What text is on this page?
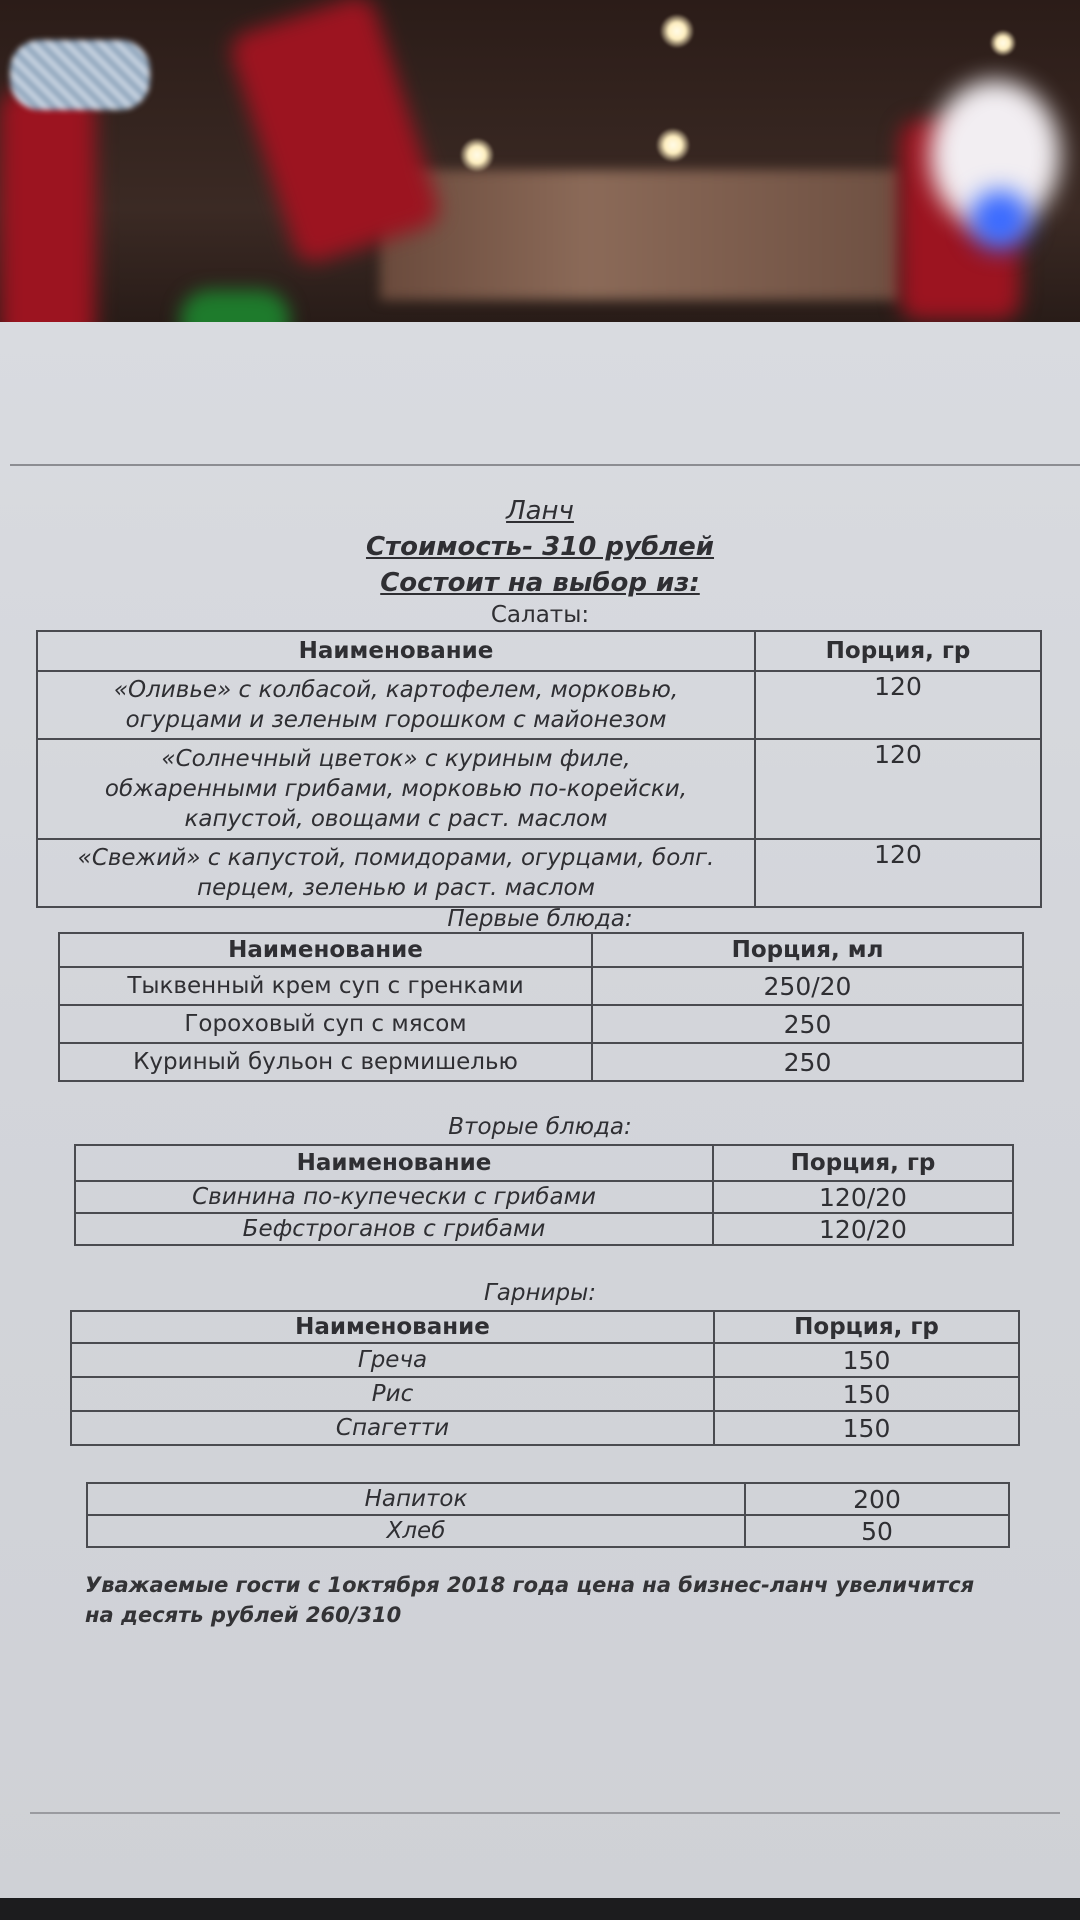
Ланч
Стоимость- 310 рублей
Состоит на выбор из:
Салаты:
Наименование	Порция, гр

«Оливье» с колбасой, картофелем, морковью,
огурцами и зеленым горошком с майонезом	120

«Солнечный цветок» с куриным филе,
обжаренными грибами, морковью по-корейски,
капустой, овощами с раст. маслом	120

«Свежий» с капустой, помидорами, огурцами, болг.
перцем, зеленью и раст. маслом	120
Первые блюда:
Наименование	Порция, мл
Тыквенный крем суп с гренками	250/20
Гороховый суп с мясом	250
Куриный бульон с вермишелью	250
Вторые блюда:
Наименование	Порция, гр
Свинина по-купечески с грибами	120/20
Бефстроганов с грибами	120/20
Гарниры:
Наименование	Порция, гр
Греча	150
Рис	150
Спагетти	150
Напиток	200
Хлеб	50
Уважаемые гости с 1октября 2018 года цена на бизнес-ланч увеличится
на десять рублей 260/310
